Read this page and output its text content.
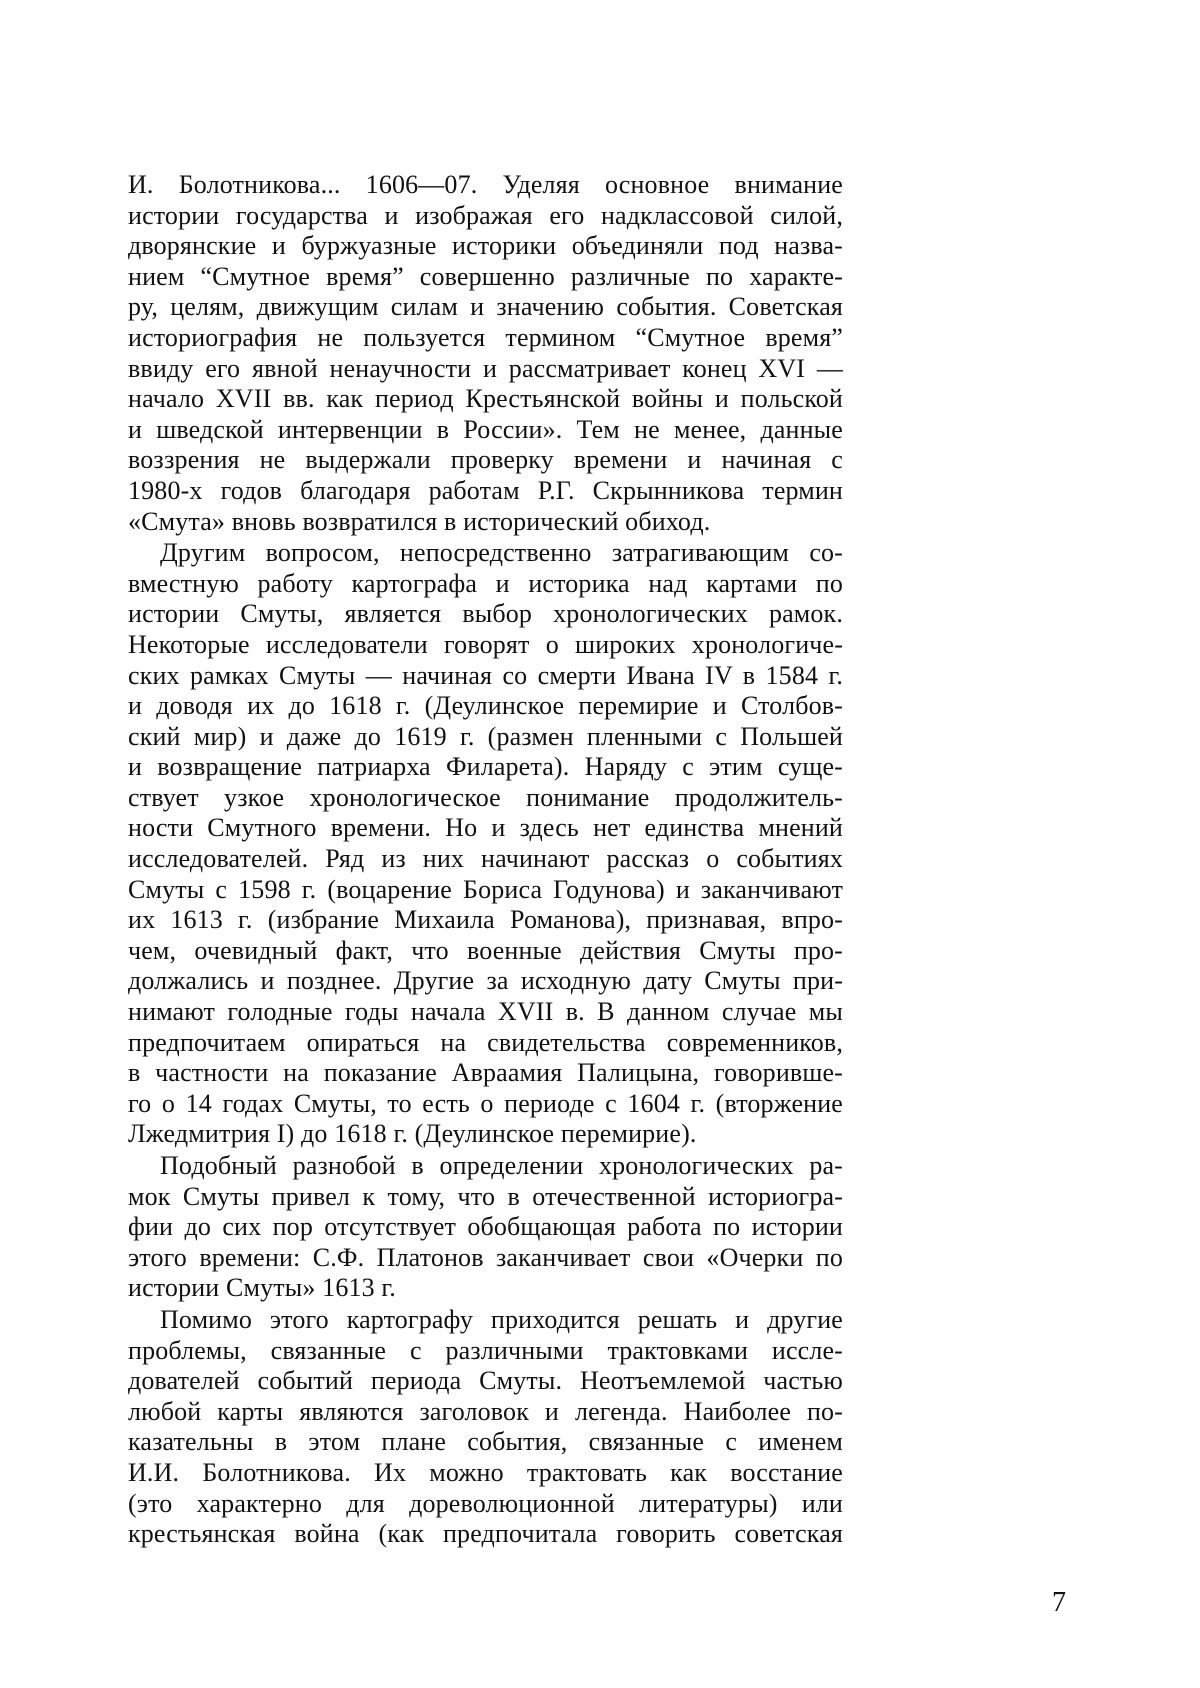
И. Болотникова... 1606—07. Уделяя основное внимание
истории государства и изображая его надклассовой силой,
дворянские и буржуазные историки объединяли под назва-
нием “Смутное время” совершенно различные по характе-
ру, целям, движущим силам и значению события. Советская
историография не пользуется термином “Смутное время”
ввиду его явной ненаучности и рассматривает конец XVI —
начало XVII вв. как период Крестьянской войны и польской
и шведской интервенции в России». Тем не менее, данные
воззрения не выдержали проверку времени и начиная с
1980-х годов благодаря работам Р.Г. Скрынникова термин
«Смута» вновь возвратился в исторический обиход.
Другим вопросом, непосредственно затрагивающим со-
вместную работу картографа и историка над картами по
истории Смуты, является выбор хронологических рамок.
Некоторые исследователи говорят о широких хронологиче-
ских рамках Смуты — начиная со смерти Ивана IV в 1584 г.
и доводя их до 1618 г. (Деулинское перемирие и Столбов-
ский мир) и даже до 1619 г. (размен пленными с Польшей
и возвращение патриарха Филарета). Наряду с этим суще-
ствует узкое хронологическое понимание продолжитель-
ности Смутного времени. Но и здесь нет единства мнений
исследователей. Ряд из них начинают рассказ о событиях
Смуты с 1598 г. (воцарение Бориса Годунова) и заканчивают
их 1613 г. (избрание Михаила Романова), признавая, впро-
чем, очевидный факт, что военные действия Смуты про-
должались и позднее. Другие за исходную дату Смуты при-
нимают голодные годы начала XVII в. В данном случае мы
предпочитаем опираться на свидетельства современников,
в частности на показание Авраамия Палицына, говоривше-
го о 14 годах Смуты, то есть о периоде с 1604 г. (вторжение
Лжедмитрия I) до 1618 г. (Деулинское перемирие).
Подобный разнобой в определении хронологических ра-
мок Смуты привел к тому, что в отечественной историогра-
фии до сих пор отсутствует обобщающая работа по истории
этого времени: С.Ф. Платонов заканчивает свои «Очерки по
истории Смуты» 1613 г.
Помимо этого картографу приходится решать и другие
проблемы, связанные с различными трактовками иссле-
дователей событий периода Смуты. Неотъемлемой частью
любой карты являются заголовок и легенда. Наиболее по-
казательны в этом плане события, связанные с именем
И.И. Болотникова. Их можно трактовать как восстание
(это характерно для дореволюционной литературы) или
крестьянская война (как предпочитала говорить советская
7
